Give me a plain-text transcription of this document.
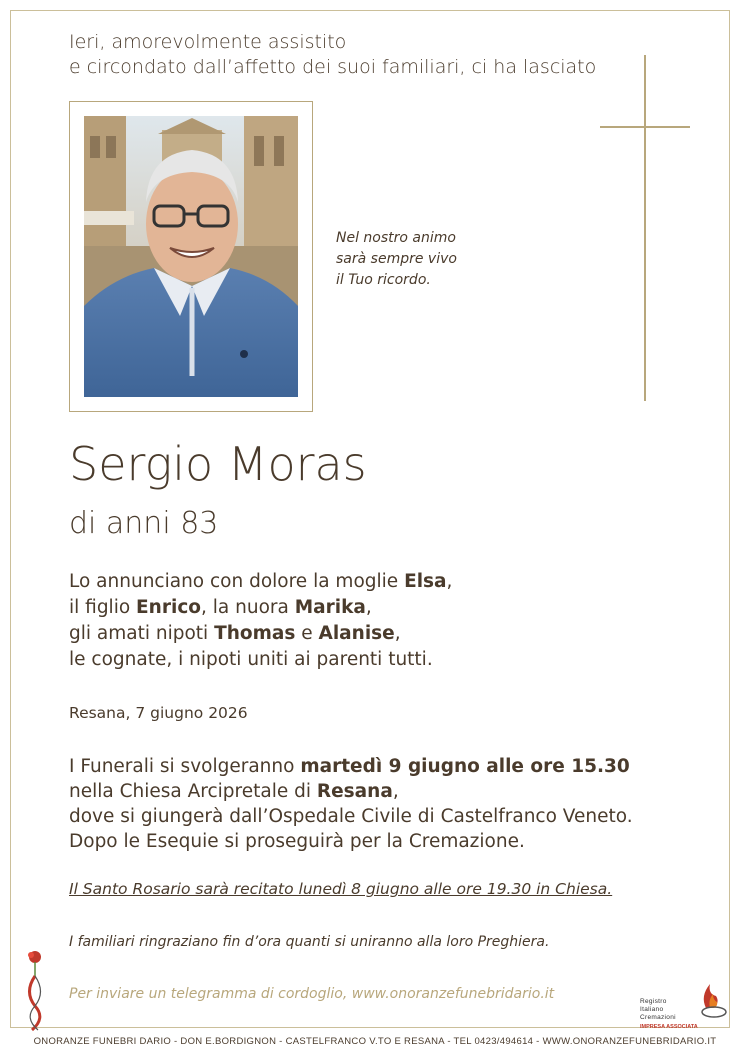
Ieri, amorevolmente assistito
e circondato dall’affetto dei suoi familiari, ci ha lasciato
Nel nostro animo
sarà sempre vivo
il Tuo ricordo.
Sergio Moras
di anni 83
Lo annunciano con dolore la moglie Elsa,
il figlio Enrico, la nuora Marika,
gli amati nipoti Thomas e Alanise,
le cognate, i nipoti uniti ai parenti tutti.
Resana, 7 giugno 2026
I Funerali si svolgeranno martedì 9 giugno alle ore 15.30
nella Chiesa Arcipretale di Resana,
dove si giungerà dall’Ospedale Civile di Castelfranco Veneto.
Dopo le Esequie si proseguirà per la Cremazione.
Il Santo Rosario sarà recitato lunedì 8 giugno alle ore 19.30 in Chiesa.
I familiari ringraziano fin d’ora quanti si uniranno alla loro Preghiera.
Per inviare un telegramma di cordoglio, www.onoranzefunebridario.it	Registro
Italiano
Cremazioni
IMPRESA ASSOCIATA
ONORANZE FUNEBRI DARIO - DON E.BORDIGNON - CASTELFRANCO V.TO E RESANA - TEL 0423/494614 - WWW.ONORANZEFUNEBRIDARIO.IT
